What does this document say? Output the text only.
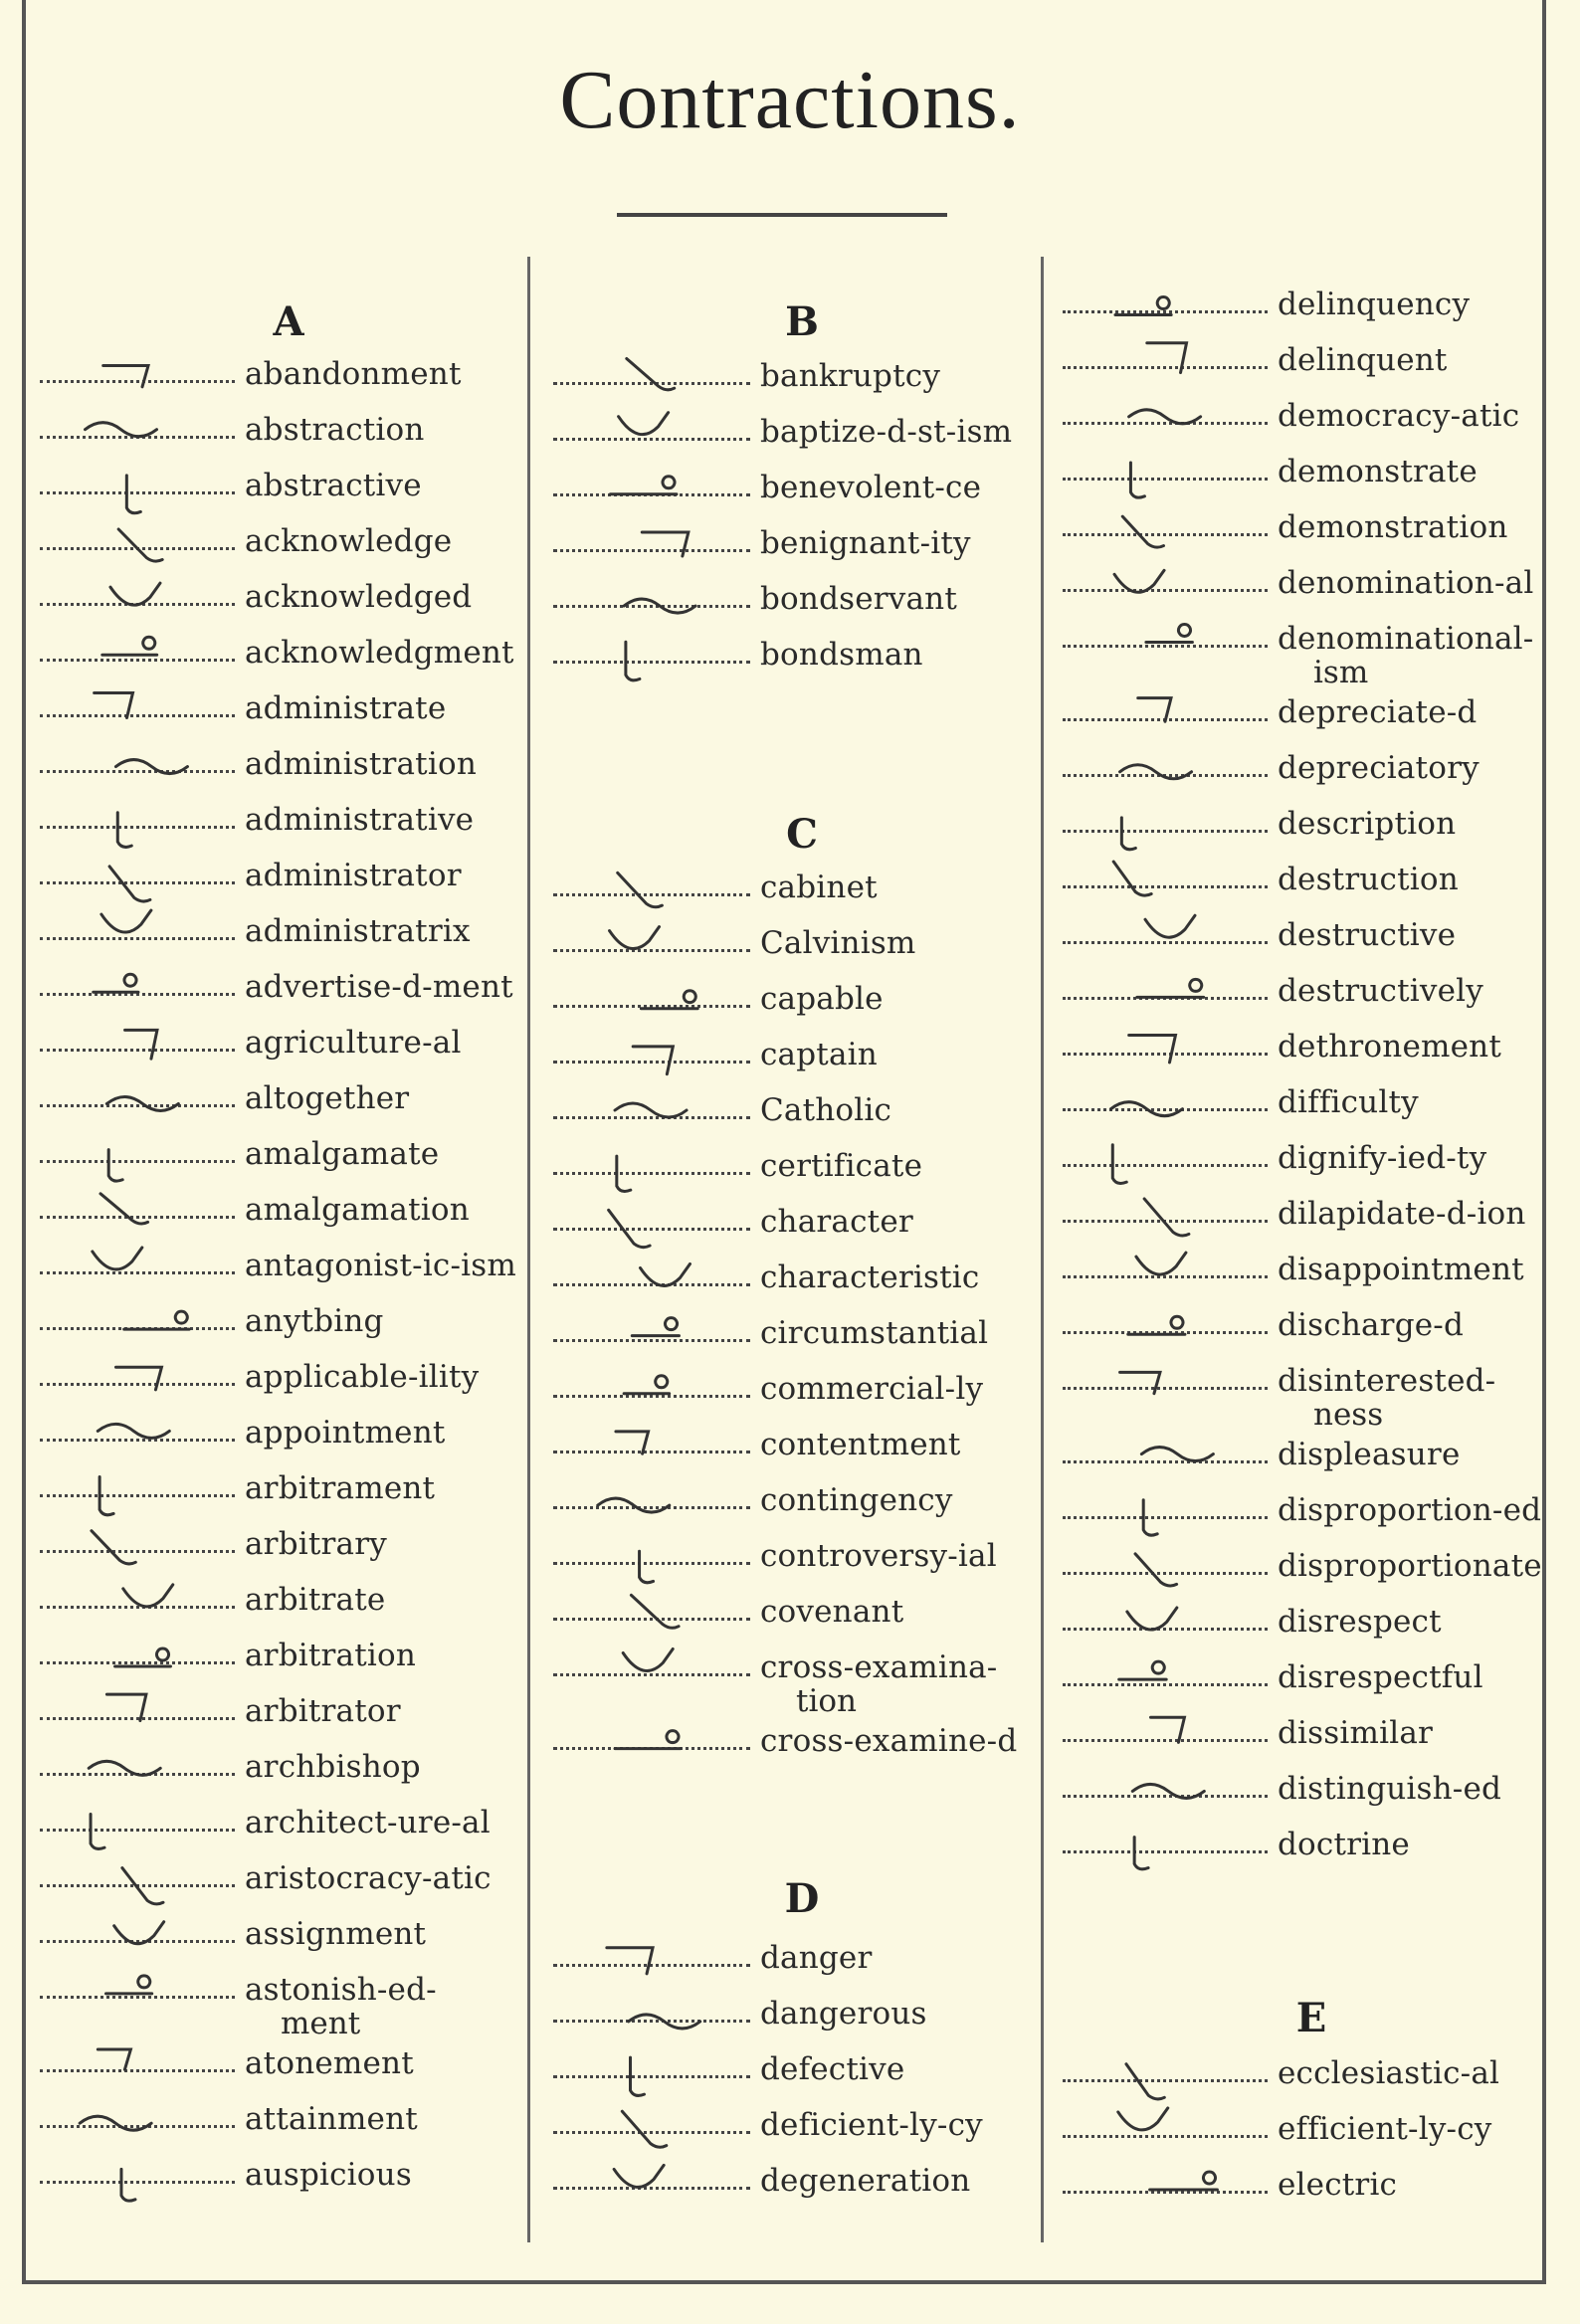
Contractions.
A
abandonment
abstraction
abstractive
acknowledge
acknowledged
acknowledgment
administrate
administration
administrative
administrator
administratrix
advertise-d-ment
agriculture-al
altogether
amalgamate
amalgamation
antagonist-ic-ism
anytbing
applicable-ility
appointment
arbitrament
arbitrary
arbitrate
arbitration
arbitrator
archbishop
architect-ure-al
aristocracy-atic
assignment
astonish-ed-
ment
atonement
attainment
auspicious
B
bankruptcy
baptize-d-st-ism
benevolent-ce
benignant-ity
bondservant
bondsman
C
cabinet
Calvinism
capable
captain
Catholic
certificate
character
characteristic
circumstantial
commercial-ly
contentment
contingency
controversy-ial
covenant
cross-examina-
tion
cross-examine-d
D
danger
dangerous
defective
deficient-ly-cy
degeneration
delinquency
delinquent
democracy-atic
demonstrate
demonstration
denomination-al
denominational-
ism
depreciate-d
depreciatory
description
destruction
destructive
destructively
dethronement
difficulty
dignify-ied-ty
dilapidate-d-ion
disappointment
discharge-d
disinterested-
ness
displeasure
disproportion-ed
disproportionate
disrespect
disrespectful
dissimilar
distinguish-ed
doctrine
E
ecclesiastic-al
efficient-ly-cy
electric
